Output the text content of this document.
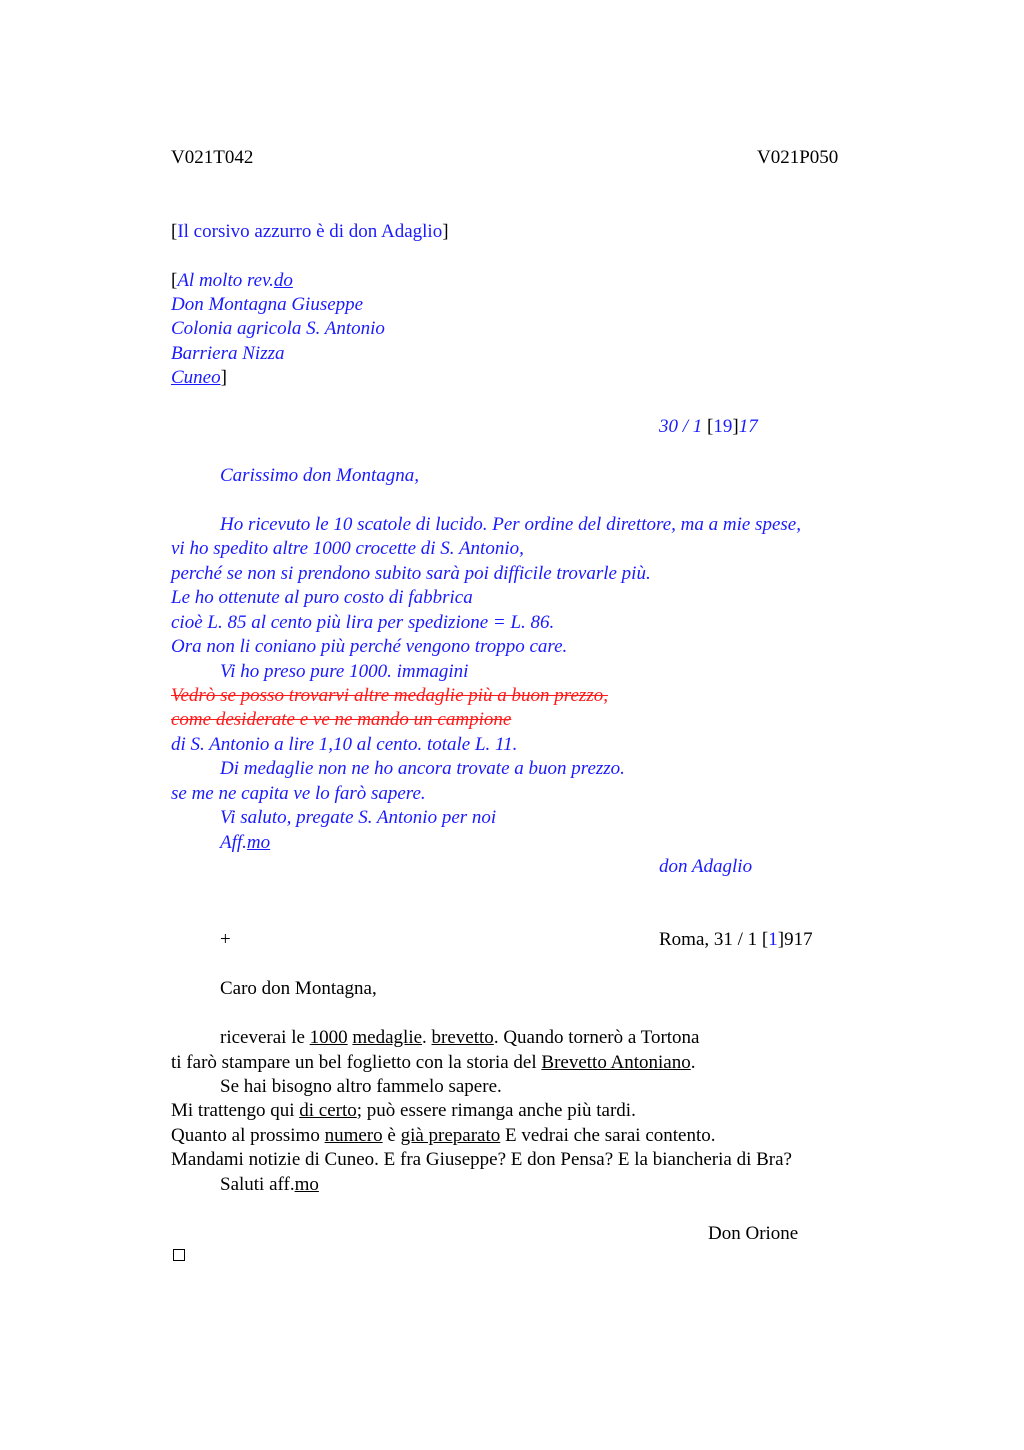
V021T042	V021P050
[Il corsivo azzurro è di don Adaglio]
[Al molto rev.do
Don Montagna Giuseppe
Colonia agricola S. Antonio
Barriera Nizza
Cuneo]
30 / 1 [19]17
Carissimo don Montagna,
Ho ricevuto le 10 scatole di lucido. Per ordine del direttore, ma a mie spese,
vi ho spedito altre 1000 crocette di S. Antonio,
perché se non si prendono subito sarà poi difficile trovarle più.
Le ho ottenute al puro costo di fabbrica
cioè L. 85 al cento più lira per spedizione = L. 86.
Ora non li coniano più perché vengono troppo care.
Vi ho preso pure 1000. immagini
Vedrò se posso trovarvi altre medaglie più a buon prezzo,
come desiderate e ve ne mando un campione
di S. Antonio a lire 1,10 al cento. totale L. 11.
Di medaglie non ne ho ancora trovate a buon prezzo.
se me ne capita ve lo farò sapere.
Vi saluto, pregate S. Antonio per noi
Aff.mo
don Adaglio
+	Roma, 31 / 1 [1]917
Caro don Montagna,
riceverai le 1000 medaglie. brevetto. Quando tornerò a Tortona
ti farò stampare un bel foglietto con la storia del Brevetto Antoniano.
Se hai bisogno altro fammelo sapere.
Mi trattengo qui di certo; può essere rimanga anche più tardi.
Quanto al prossimo numero è già preparato E vedrai che sarai contento.
Mandami notizie di Cuneo. E fra Giuseppe? E don Pensa? E la biancheria di Bra?
Saluti aff.mo
Don Orione
